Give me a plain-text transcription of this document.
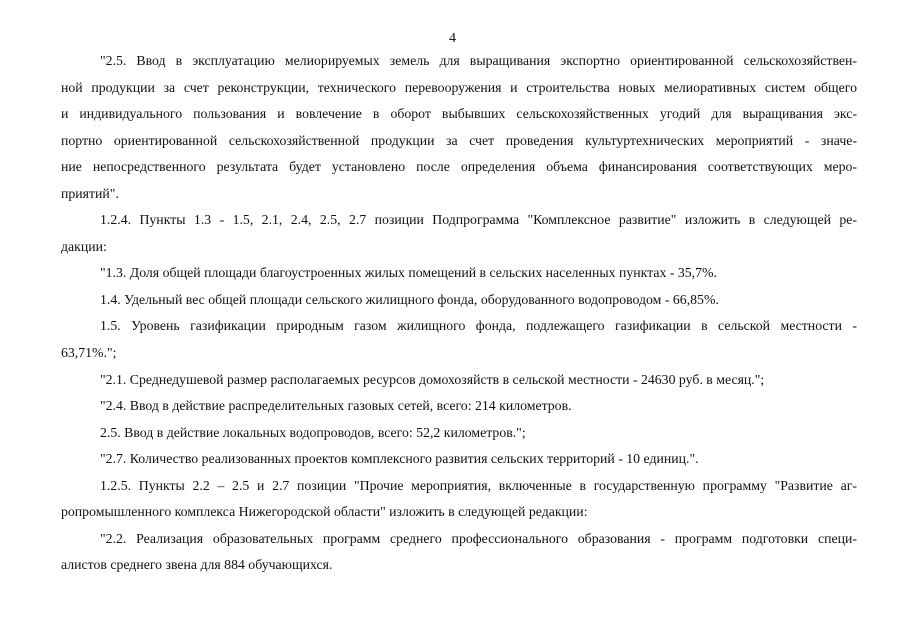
4
"2.5. Ввод в эксплуатацию мелиорируемых земель для выращивания экспортно ориентированной сельскохозяйствен-
ной продукции за счет реконструкции, технического перевооружения и строительства новых мелиоративных систем общего
и индивидуального пользования и вовлечение в оборот выбывших сельскохозяйственных угодий для выращивания экс-
портно ориентированной сельскохозяйственной продукции за счет проведения культуртехнических мероприятий - значе-
ние непосредственного результата будет установлено после определения объема финансирования соответствующих меро-
приятий".
1.2.4. Пункты 1.3 - 1.5, 2.1, 2.4, 2.5, 2.7 позиции Подпрограмма "Комплексное развитие" изложить в следующей ре-
дакции:
"1.3. Доля общей площади благоустроенных жилых помещений в сельских населенных пунктах - 35,7%.
1.4. Удельный вес общей площади сельского жилищного фонда, оборудованного водопроводом - 66,85%.
1.5. Уровень газификации природным газом жилищного фонда, подлежащего газификации в сельской местности -
63,71%.";
"2.1. Среднедушевой размер располагаемых ресурсов домохозяйств в сельской местности - 24630 руб. в месяц.";
"2.4. Ввод в действие распределительных газовых сетей, всего: 214 километров.
2.5. Ввод в действие локальных водопроводов, всего: 52,2 километров.";
"2.7. Количество реализованных проектов комплексного развития сельских территорий - 10 единиц.".
1.2.5. Пункты 2.2 – 2.5 и 2.7 позиции "Прочие мероприятия, включенные в государственную программу "Развитие аг-
ропромышленного комплекса Нижегородской области" изложить в следующей редакции:
"2.2. Реализация образовательных программ среднего профессионального образования - программ подготовки специ-
алистов среднего звена для 884 обучающихся.
